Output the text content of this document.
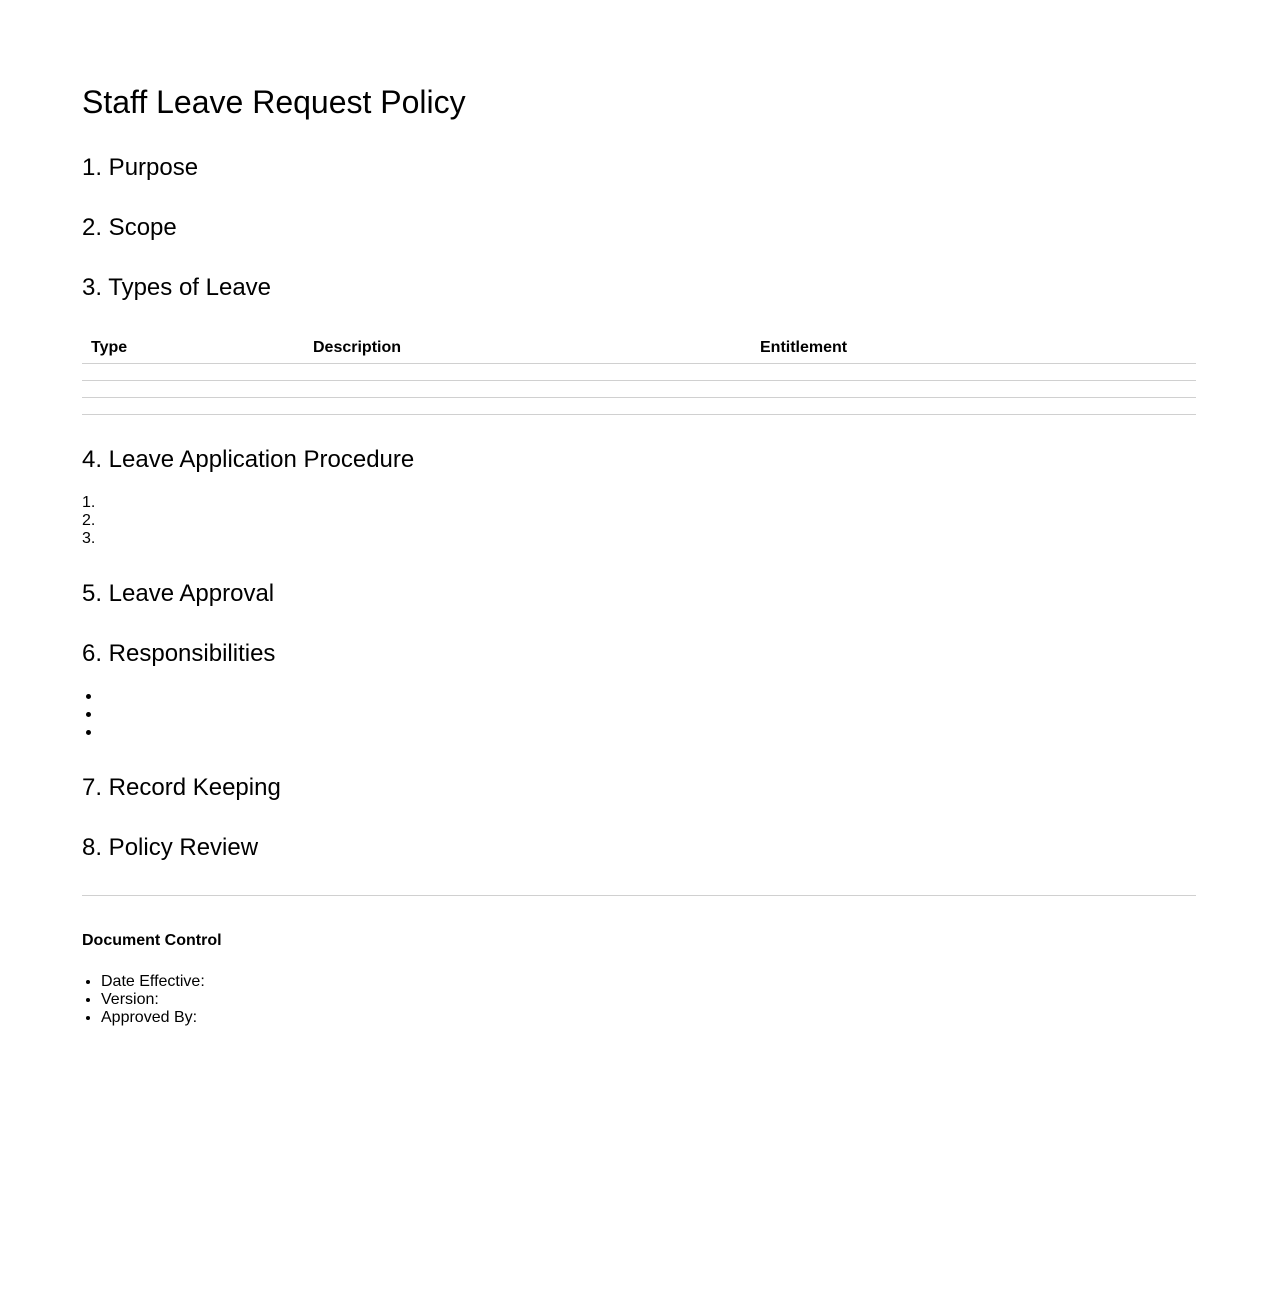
Staff Leave Request Policy
1. Purpose
2. Scope
3. Types of Leave
Type	Description	Entitlement

4. Leave Application Procedure
1.
2.
3.
5. Leave Approval
6. Responsibilities
7. Record Keeping
8. Policy Review
Document Control
• Date Effective:
• Version:
• Approved By:
